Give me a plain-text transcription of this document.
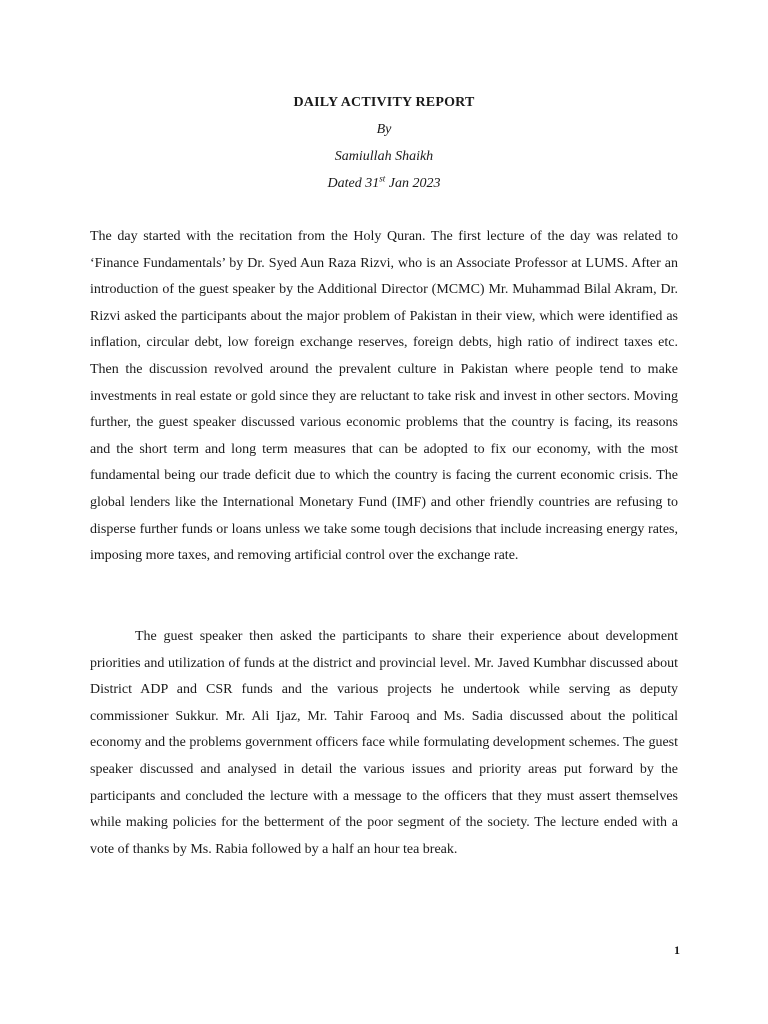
DAILY ACTIVITY REPORT
By
Samiullah Shaikh
Dated 31st Jan 2023

The day started with the recitation from the Holy Quran. The first lecture of the day was related to ‘Finance Fundamentals’ by Dr. Syed Aun Raza Rizvi, who is an Associate Professor at LUMS. After an introduction of the guest speaker by the Additional Director (MCMC) Mr. Muhammad Bilal Akram, Dr. Rizvi asked the participants about the major problem of Pakistan in their view, which were identified as inflation, circular debt, low foreign exchange reserves, foreign debts, high ratio of indirect taxes etc. Then the discussion revolved around the prevalent culture in Pakistan where people tend to make investments in real estate or gold since they are reluctant to take risk and invest in other sectors. Moving further, the guest speaker discussed various economic problems that the country is facing, its reasons and the short term and long term measures that can be adopted to fix our economy, with the most fundamental being our trade deficit due to which the country is facing the current economic crisis. The global lenders like the International Monetary Fund (IMF) and other friendly countries are refusing to disperse further funds or loans unless we take some tough decisions that include increasing energy rates, imposing more taxes, and removing artificial control over the exchange rate.

The guest speaker then asked the participants to share their experience about development priorities and utilization of funds at the district and provincial level. Mr. Javed Kumbhar discussed about District ADP and CSR funds and the various projects he undertook while serving as deputy commissioner Sukkur. Mr. Ali Ijaz, Mr. Tahir Farooq and Ms. Sadia discussed about the political economy and the problems government officers face while formulating development schemes. The guest speaker discussed and analysed in detail the various issues and priority areas put forward by the participants and concluded the lecture with a message to the officers that they must assert themselves while making policies for the betterment of the poor segment of the society. The lecture ended with a vote of thanks by Ms. Rabia followed by a half an hour tea break.

1
